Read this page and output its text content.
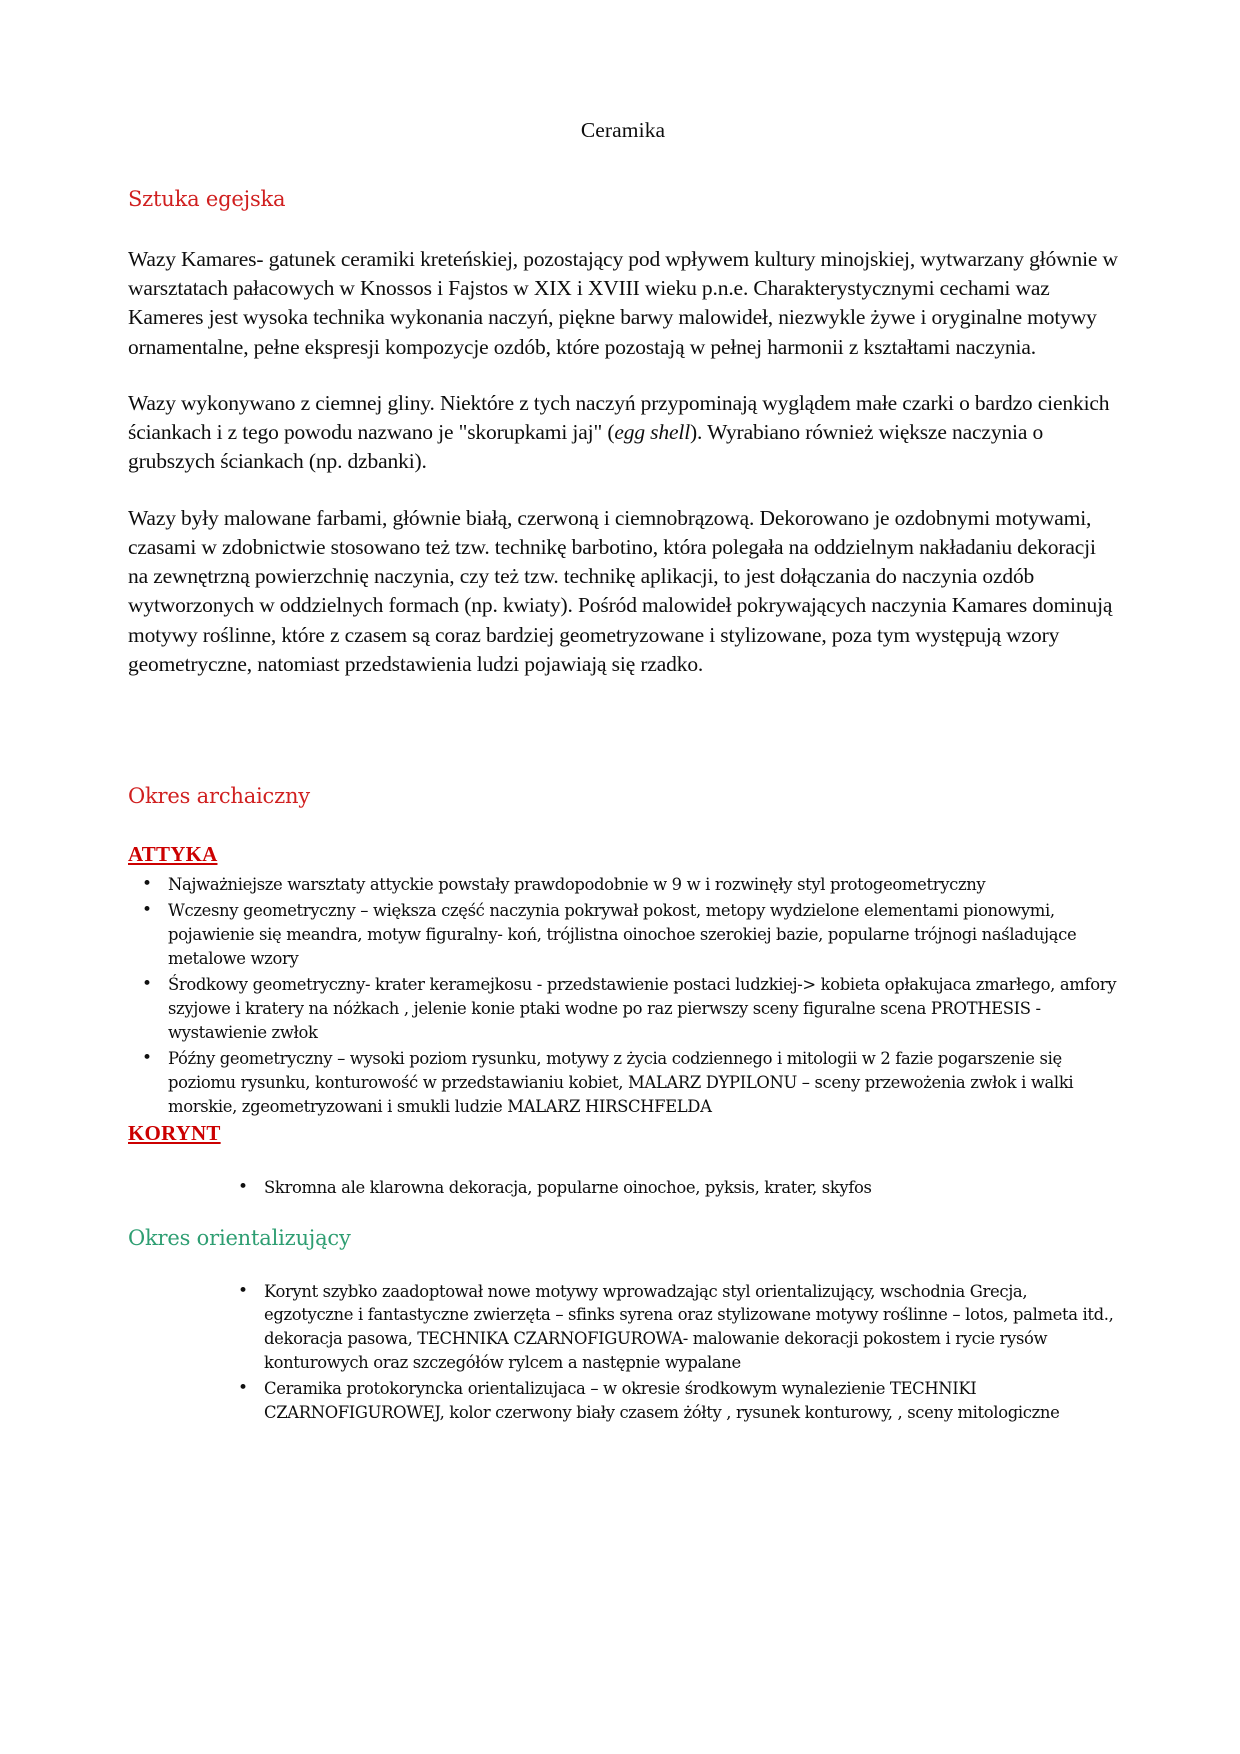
Ceramika
Sztuka egejska

Wazy Kamares- gatunek ceramiki kreteńskiej, pozostający pod wpływem kultury minojskiej, wytwarzany głównie w warsztatach pałacowych w Knossos i Fajstos w XIX i XVIII wieku p.n.e. Charakterystycznymi cechami waz Kameres jest wysoka technika wykonania naczyń, piękne barwy malowideł, niezwykle żywe i oryginalne motywy ornamentalne, pełne ekspresji kompozycje ozdób, które pozostają w pełnej harmonii z kształtami naczynia.

Wazy wykonywano z ciemnej gliny. Niektóre z tych naczyń przypominają wyglądem małe czarki o bardzo cienkich ściankach i z tego powodu nazwano je "skorupkami jaj" (egg shell). Wyrabiano również większe naczynia o grubszych ściankach (np. dzbanki).

Wazy były malowane farbami, głównie białą, czerwoną i ciemnobrązową. Dekorowano je ozdobnymi motywami, czasami w zdobnictwie stosowano też tzw. technikę barbotino, która polegała na oddzielnym nakładaniu dekoracji na zewnętrzną powierzchnię naczynia, czy też tzw. technikę aplikacji, to jest dołączania do naczynia ozdób wytworzonych w oddzielnych formach (np. kwiaty). Pośród malowideł pokrywających naczynia Kamares dominują motywy roślinne, które z czasem są coraz bardziej geometryzowane i stylizowane, poza tym występują wzory geometryczne, natomiast przedstawienia ludzi pojawiają się rzadko.

Okres archaiczny
ATTYKA
• Najważniejsze warsztaty attyckie powstały prawdopodobnie w 9 w i rozwinęły styl protogeometryczny
• Wczesny geometryczny – większa część naczynia pokrywał pokost, metopy wydzielone elementami pionowymi, pojawienie się meandra, motyw figuralny- koń, trójlistna oinochoe szerokiej bazie, popularne trójnogi naśladujące metalowe wzory
• Środkowy geometryczny- krater keramejkosu - przedstawienie postaci ludzkiej-> kobieta opłakujaca zmarłego, amfory szyjowe i kratery na nóżkach , jelenie konie ptaki wodne po raz pierwszy sceny figuralne scena PROTHESIS -wystawienie zwłok
• Późny geometryczny – wysoki poziom rysunku, motywy z życia codziennego i mitologii w 2 fazie pogarszenie się poziomu rysunku, konturowość w przedstawianiu kobiet, MALARZ DYPILONU – sceny przewożenia zwłok i walki morskie, zgeometryzowani i smukli ludzie MALARZ HIRSCHFELDA
KORYNT
• Skromna ale klarowna dekoracja, popularne oinochoe, pyksis, krater, skyfos
Okres orientalizujący
• Korynt szybko zaadoptował nowe motywy wprowadzając styl orientalizujący, wschodnia Grecja, egzotyczne i fantastyczne zwierzęta – sfinks syrena oraz stylizowane motywy roślinne – lotos, palmeta itd., dekoracja pasowa, TECHNIKA CZARNOFIGUROWA- malowanie dekoracji pokostem i rycie rysów konturowych oraz szczegółów rylcem a następnie wypalane
• Ceramika protokoryncka orientalizujaca – w okresie środkowym wynalezienie TECHNIKI CZARNOFIGUROWEJ, kolor czerwony biały czasem żółty , rysunek konturowy, , sceny mitologiczne
